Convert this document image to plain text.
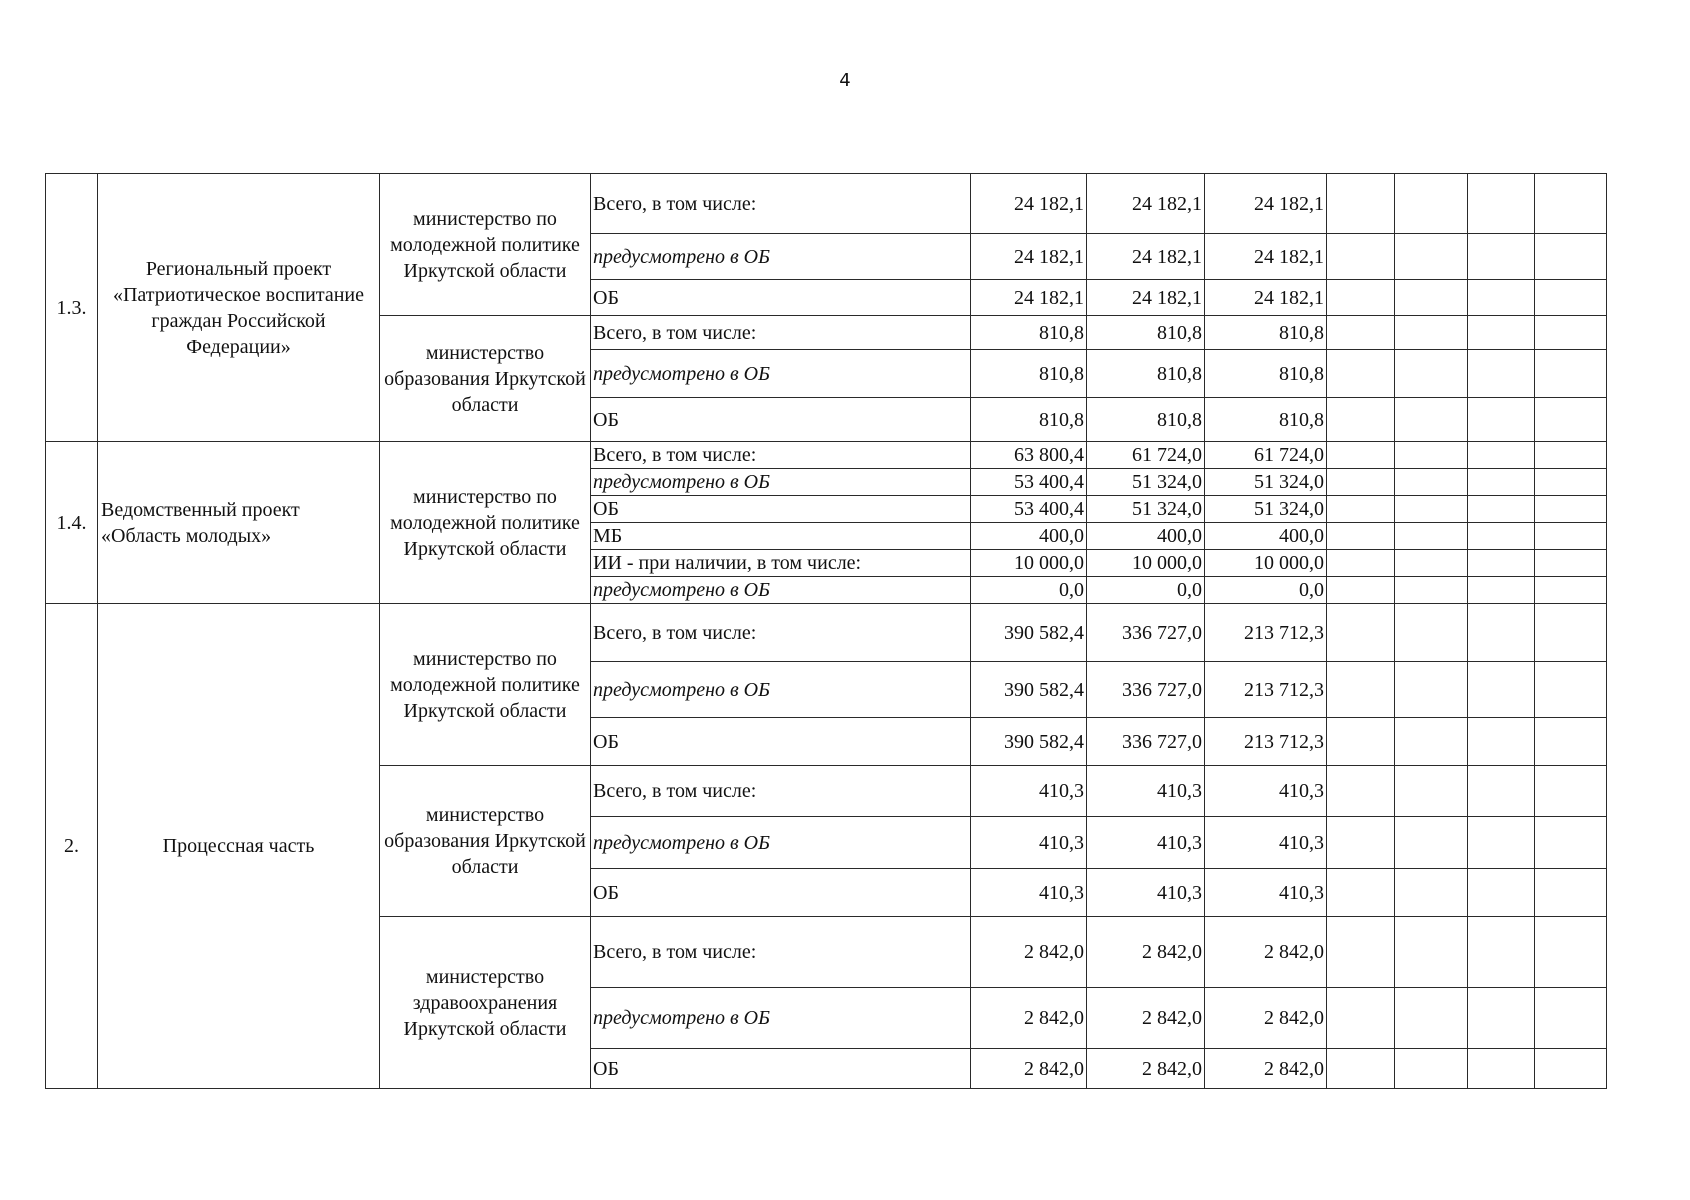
4
1.3.	Региональный проект «Патриотическое воспитание граждан Российской Федерации»	министерство по молодежной политике Иркутской области	Всего, в том числе:	24 182,1	24 182,1	24 182,1				
			предусмотрено в ОБ	24 182,1	24 182,1	24 182,1				
			ОБ	24 182,1	24 182,1	24 182,1				
		министерство образования Иркутской области	Всего, в том числе:	810,8	810,8	810,8				
			предусмотрено в ОБ	810,8	810,8	810,8				
			ОБ	810,8	810,8	810,8				
1.4.	Ведомственный проект «Область молодых»	министерство по молодежной политике Иркутской области	Всего, в том числе:	63 800,4	61 724,0	61 724,0				
			предусмотрено в ОБ	53 400,4	51 324,0	51 324,0				
			ОБ	53 400,4	51 324,0	51 324,0				
			МБ	400,0	400,0	400,0				
			ИИ - при наличии, в том числе:	10 000,0	10 000,0	10 000,0				
			предусмотрено в ОБ	0,0	0,0	0,0				
2.	Процессная часть	министерство по молодежной политике Иркутской области	Всего, в том числе:	390 582,4	336 727,0	213 712,3				
			предусмотрено в ОБ	390 582,4	336 727,0	213 712,3				
			ОБ	390 582,4	336 727,0	213 712,3				
		министерство образования Иркутской области	Всего, в том числе:	410,3	410,3	410,3				
			предусмотрено в ОБ	410,3	410,3	410,3				
			ОБ	410,3	410,3	410,3				
		министерство здравоохранения Иркутской области	Всего, в том числе:	2 842,0	2 842,0	2 842,0				
			предусмотрено в ОБ	2 842,0	2 842,0	2 842,0				
			ОБ	2 842,0	2 842,0	2 842,0				
